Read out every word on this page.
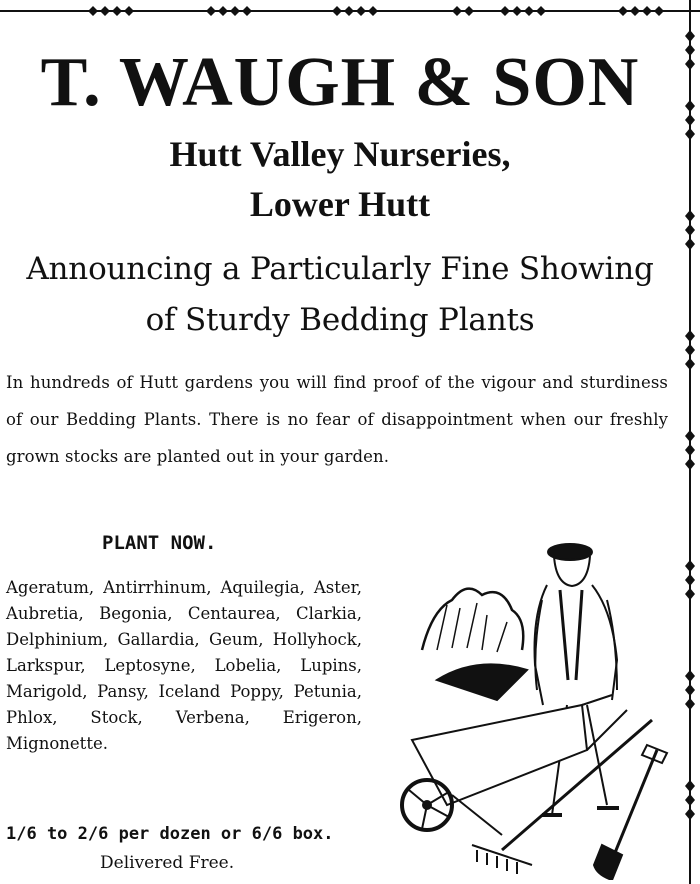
T. WAUGH & SON
Hutt Valley Nurseries,
Lower Hutt
Announcing a Particularly Fine Showing
of Sturdy Bedding Plants
In hundreds of Hutt gardens you will find proof of the vigour and sturdiness of our Bedding Plants. There is no fear of disappointment when our freshly grown stocks are planted out in your garden.
PLANT NOW.
Ageratum, Antirrhinum, Aquilegia, Aster, Aubretia, Begonia, Centaurea, Clarkia, Delphinium, Gallardia, Geum, Hollyhock, Larkspur, Leptosyne, Lobelia, Lupins, Marigold, Pansy, Iceland Poppy, Petunia, Phlox, Stock, Verbena, Erigeron, Mignonette.
1/6 to 2/6 per dozen or 6/6 box.
Delivered Free.
